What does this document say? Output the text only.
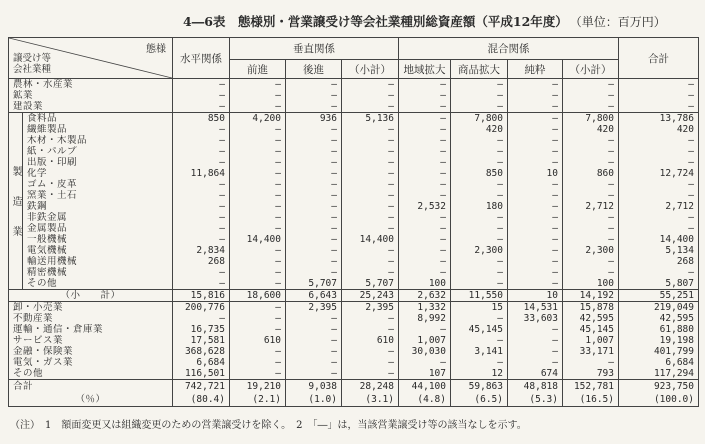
4―6表　態様別・営業譲受け等会社業種別総資産額（平成12年度） （単位：百万円）
態様
譲受け等
会社業種		水平関係	垂直関係			混合関係				合計
			前進	後進	（小計）	地域拡大	商品拡大	純粋	（小計）	
農林・水産業		―	―	―	―	―	―	―	―	―
鉱業		―	―	―	―	―	―	―	―	―
建設業		―	―	―	―	―	―	―	―	―
製　　造　　業	食料品	850	4,200	936	5,136	―	7,800	―	7,800	13,786
	繊維製品	―	―	―	―	―	420	―	420	420
	木材・木製品	―	―	―	―	―	―	―	―	―
	紙・パルプ	―	―	―	―	―	―	―	―	―
	出版・印刷	―	―	―	―	―	―	―	―	―
	化学	11,864	―	―	―	―	850	10	860	12,724
	ゴム・皮革	―	―	―	―	―	―	―	―	―
	窯業・土石	―	―	―	―	―	―	―	―	―
	鉄鋼	―	―	―	―	2,532	180	―	2,712	2,712
	非鉄金属	―	―	―	―	―	―	―	―	―
	金属製品	―	―	―	―	―	―	―	―	―
	一般機械	―	14,400	―	14,400	―	―	―	―	14,400
	電気機械	2,834	―	―	―	―	2,300	―	2,300	5,134
	輸送用機械	268	―	―	―	―	―	―	―	268
	精密機械	―	―	―	―	―	―	―	―	―
	その他	―	―	5,707	5,707	100	―	―	100	5,807
（小　　計）		15,816	18,600	6,643	25,243	2,632	11,550	10	14,192	55,251
卸・小売業		200,776	―	2,395	2,395	1,332	15	14,531	15,878	219,049
不動産業		―	―	―	―	8,992	―	33,603	42,595	42,595
運輸・通信・倉庫業		16,735	―	―	―	―	45,145	―	45,145	61,880
サービス業		17,581	610	―	610	1,007	―	―	1,007	19,198
金融・保険業		368,628	―	―	―	30,030	3,141	―	33,171	401,799
電気・ガス業		6,684	―	―	―	―	―	―	―	6,684
その他		116,501	―	―	―	107	12	674	793	117,294
合計		742,721	19,210	9,038	28,248	44,100	59,863	48,818	152,781	923,750
（％）		(80.4)	(2.1)	(1.0)	(3.1)	(4.8)	(6.5)	(5.3)	(16.5)	(100.0)
（注）　1　額面変更又は組織変更のための営業譲受けを除く。　2　「―」は，当該営業譲受け等の該当なしを示す。
